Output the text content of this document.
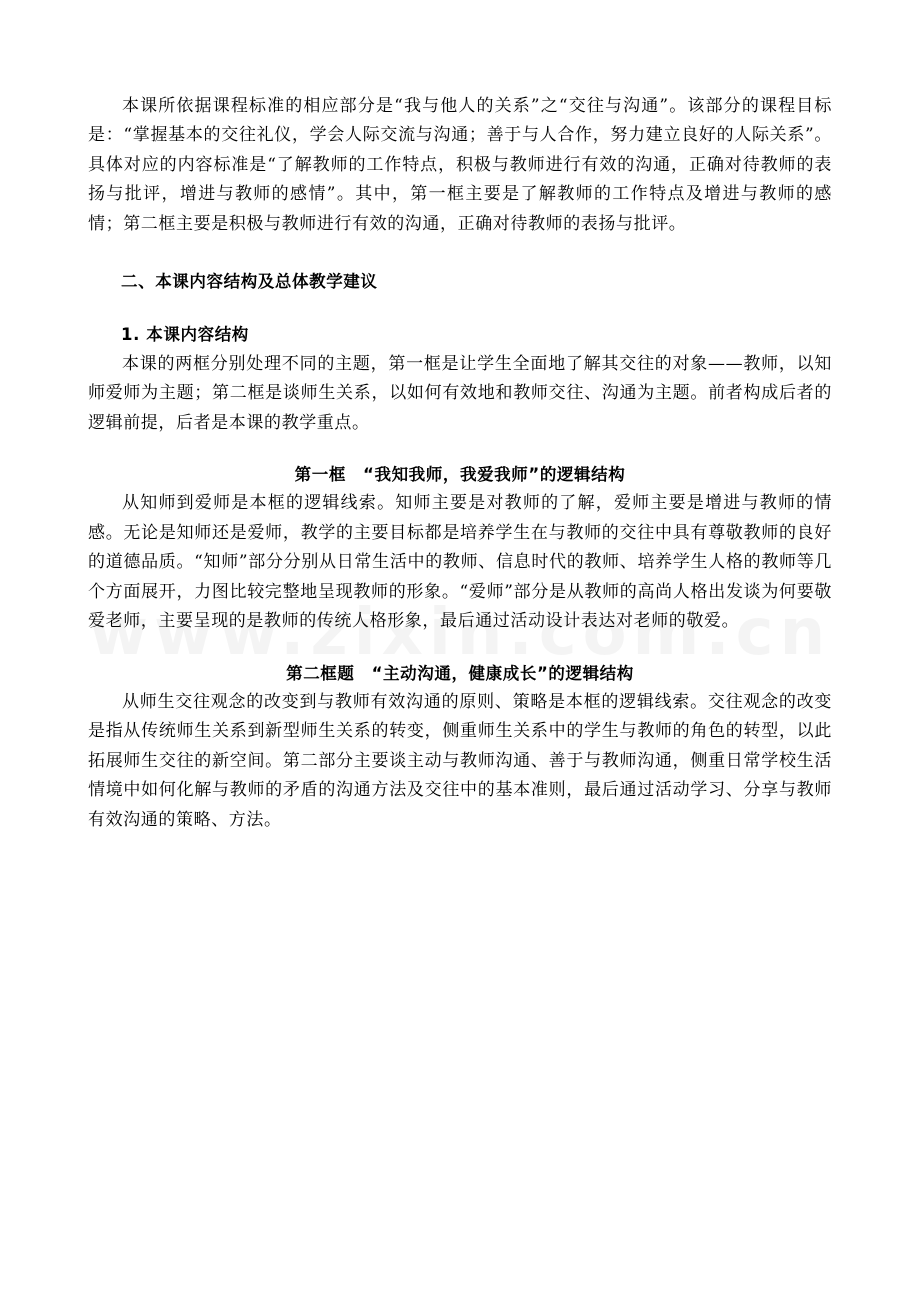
本课所依据课程标准的相应部分是“我与他人的关系”之“交往与沟通”。该部分的课程目标是：“掌握基本的交往礼仪，学会人际交流与沟通；善于与人合作，努力建立良好的人际关系”。具体对应的内容标准是“了解教师的工作特点，积极与教师进行有效的沟通，正确对待教师的表扬与批评，增进与教师的感情”。其中，第一框主要是了解教师的工作特点及增进与教师的感情；第二框主要是积极与教师进行有效的沟通，正确对待教师的表扬与批评。

二、本课内容结构及总体教学建议

1. 本课内容结构

本课的两框分别处理不同的主题，第一框是让学生全面地了解其交往的对象——教师，以知师爱师为主题；第二框是谈师生关系，以如何有效地和教师交往、沟通为主题。前者构成后者的逻辑前提，后者是本课的教学重点。

第一框　“我知我师，我爱我师”的逻辑结构

从知师到爱师是本框的逻辑线索。知师主要是对教师的了解，爱师主要是增进与教师的情感。无论是知师还是爱师，教学的主要目标都是培养学生在与教师的交往中具有尊敬教师的良好的道德品质。“知师”部分分别从日常生活中的教师、信息时代的教师、培养学生人格的教师等几个方面展开，力图比较完整地呈现教师的形象。“爱师”部分是从教师的高尚人格出发谈为何要敬爱老师，主要呈现的是教师的传统人格形象，最后通过活动设计表达对老师的敬爱。

第二框题　“主动沟通，健康成长”的逻辑结构

从师生交往观念的改变到与教师有效沟通的原则、策略是本框的逻辑线索。交往观念的改变是指从传统师生关系到新型师生关系的转变，侧重师生关系中的学生与教师的角色的转型，以此拓展师生交往的新空间。第二部分主要谈主动与教师沟通、善于与教师沟通，侧重日常学校生活情境中如何化解与教师的矛盾的沟通方法及交往中的基本准则，最后通过活动学习、分享与教师有效沟通的策略、方法。
